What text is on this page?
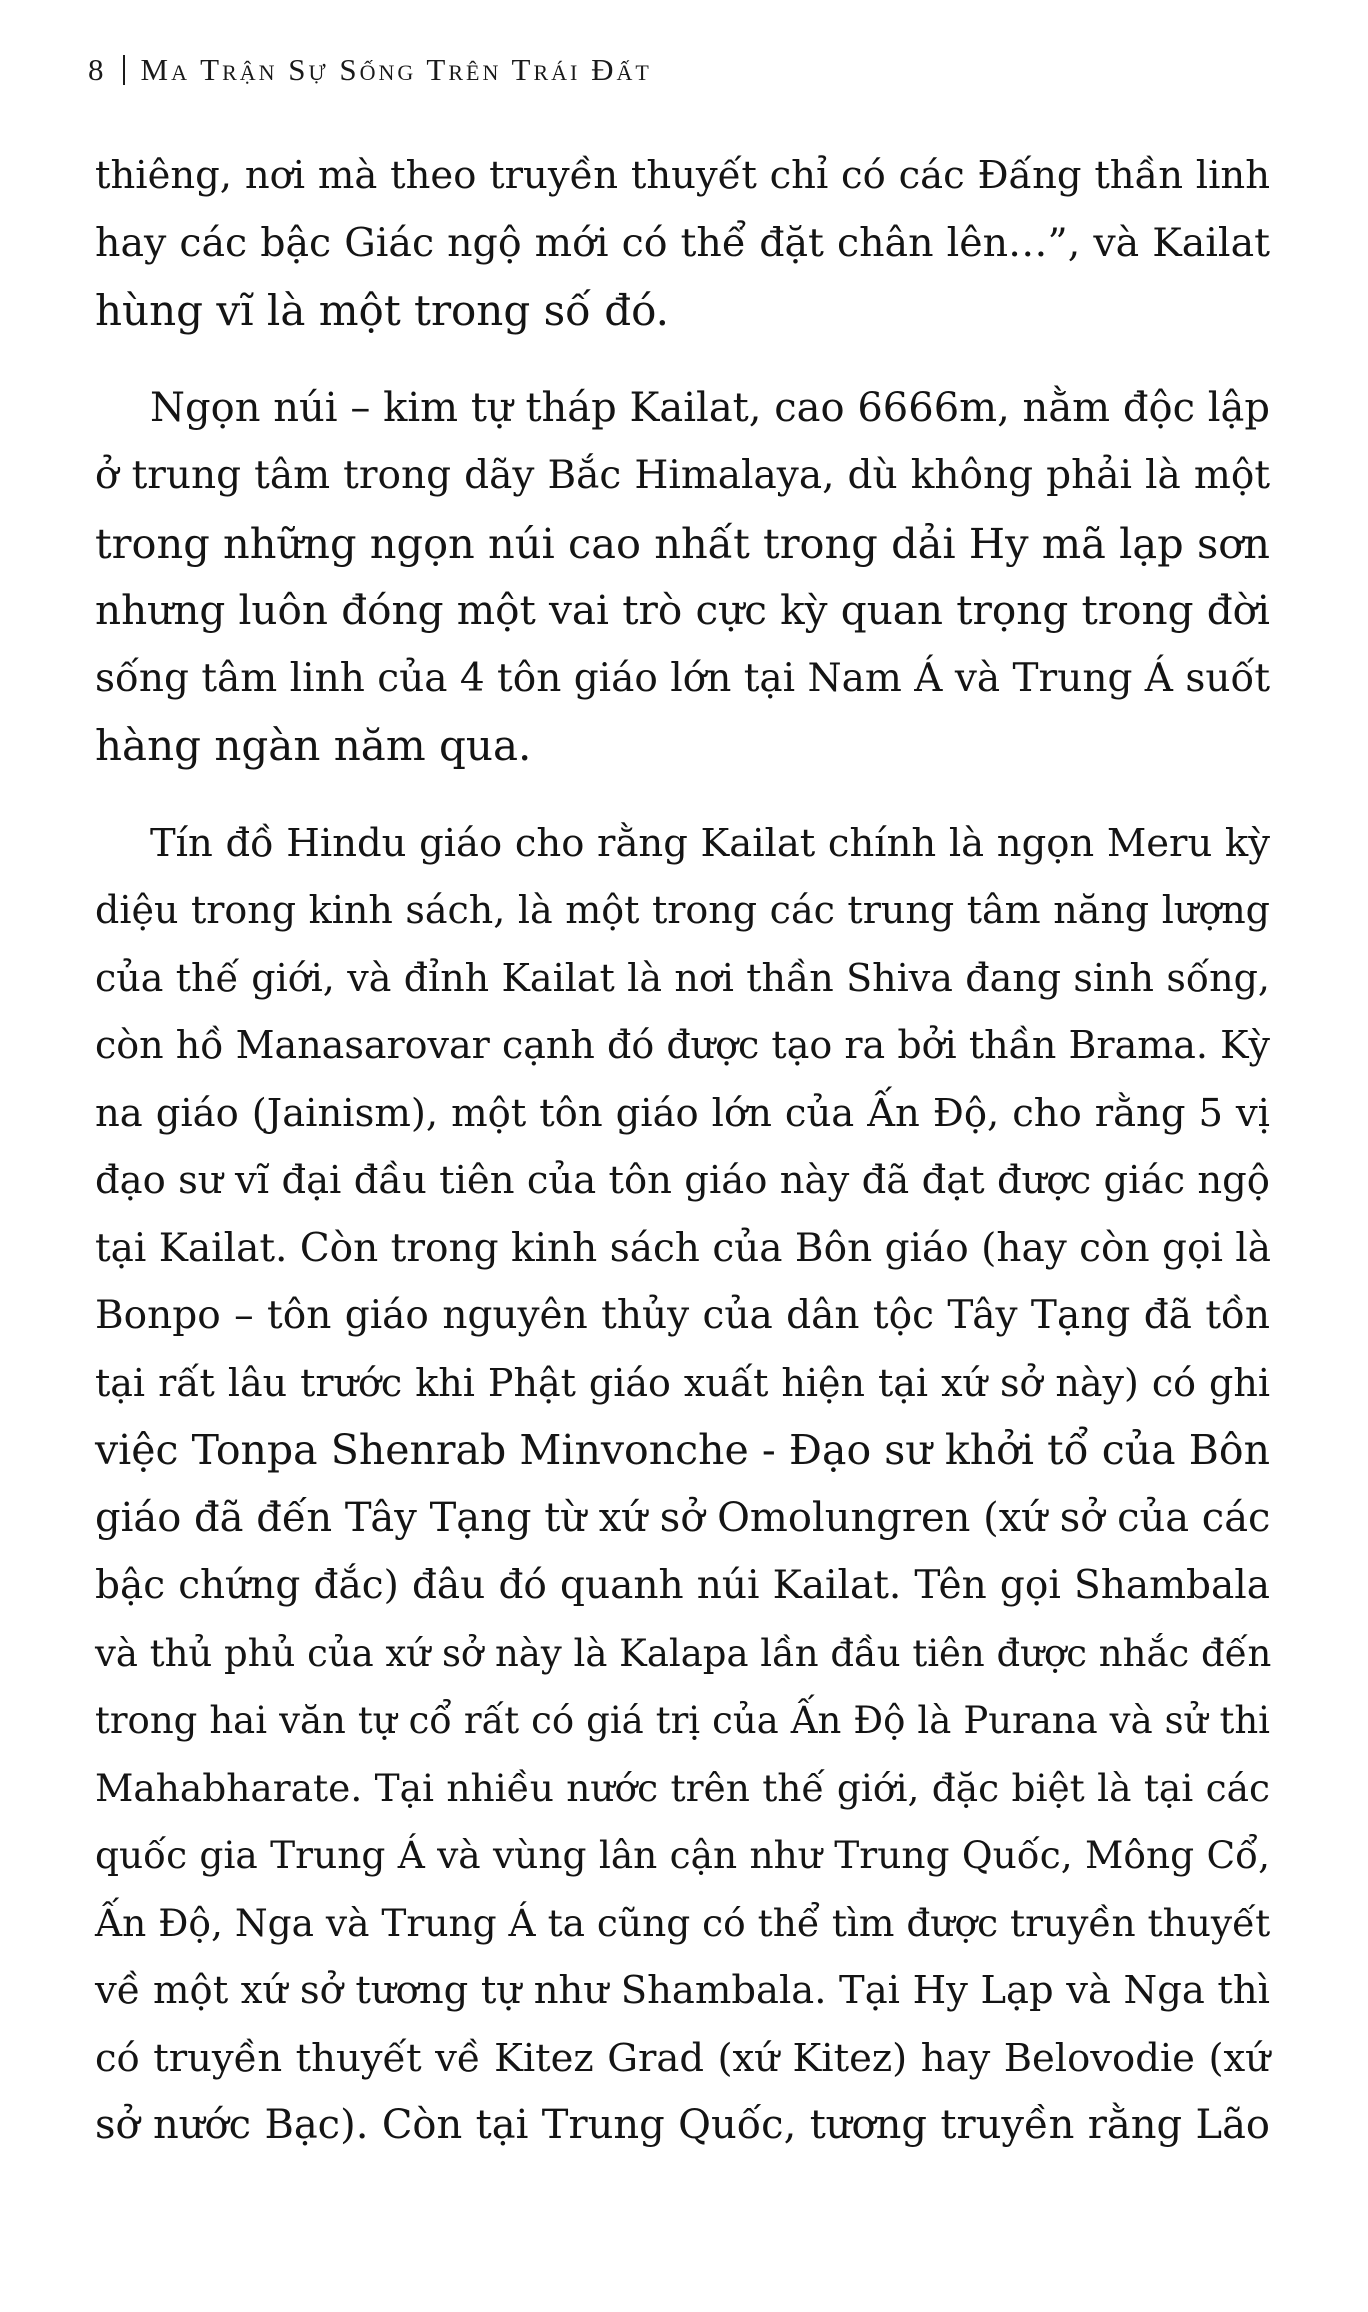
8 Ma Trận Sự Sống Trên Trái Đất
thiêng, nơi mà theo truyền thuyết chỉ có các Đấng thần linh
hay các bậc Giác ngộ mới có thể đặt chân lên…”, và Kailat
hùng vĩ là một trong số đó.
Ngọn núi – kim tự tháp Kailat, cao 6666m, nằm độc lập
ở trung tâm trong dãy Bắc Himalaya, dù không phải là một
trong những ngọn núi cao nhất trong dải Hy mã lạp sơn
nhưng luôn đóng một vai trò cực kỳ quan trọng trong đời
sống tâm linh của 4 tôn giáo lớn tại Nam Á và Trung Á suốt
hàng ngàn năm qua.
Tín đồ Hindu giáo cho rằng Kailat chính là ngọn Meru kỳ
diệu trong kinh sách, là một trong các trung tâm năng lượng
của thế giới, và đỉnh Kailat là nơi thần Shiva đang sinh sống,
còn hồ Manasarovar cạnh đó được tạo ra bởi thần Brama. Kỳ
na giáo (Jainism), một tôn giáo lớn của Ấn Độ, cho rằng 5 vị
đạo sư vĩ đại đầu tiên của tôn giáo này đã đạt được giác ngộ
tại Kailat. Còn trong kinh sách của Bôn giáo (hay còn gọi là
Bonpo – tôn giáo nguyên thủy của dân tộc Tây Tạng đã tồn
tại rất lâu trước khi Phật giáo xuất hiện tại xứ sở này) có ghi
việc Tonpa Shenrab Minvonche - Đạo sư khởi tổ của Bôn
giáo đã đến Tây Tạng từ xứ sở Omolungren (xứ sở của các
bậc chứng đắc) đâu đó quanh núi Kailat. Tên gọi Shambala
và thủ phủ của xứ sở này là Kalapa lần đầu tiên được nhắc đến
trong hai văn tự cổ rất có giá trị của Ấn Độ là Purana và sử thi
Mahabharate. Tại nhiều nước trên thế giới, đặc biệt là tại các
quốc gia Trung Á và vùng lân cận như Trung Quốc, Mông Cổ,
Ấn Độ, Nga và Trung Á ta cũng có thể tìm được truyền thuyết
về một xứ sở tương tự như Shambala. Tại Hy Lạp và Nga thì
có truyền thuyết về Kitez Grad (xứ Kitez) hay Belovodie (xứ
sở nước Bạc). Còn tại Trung Quốc, tương truyền rằng Lão
